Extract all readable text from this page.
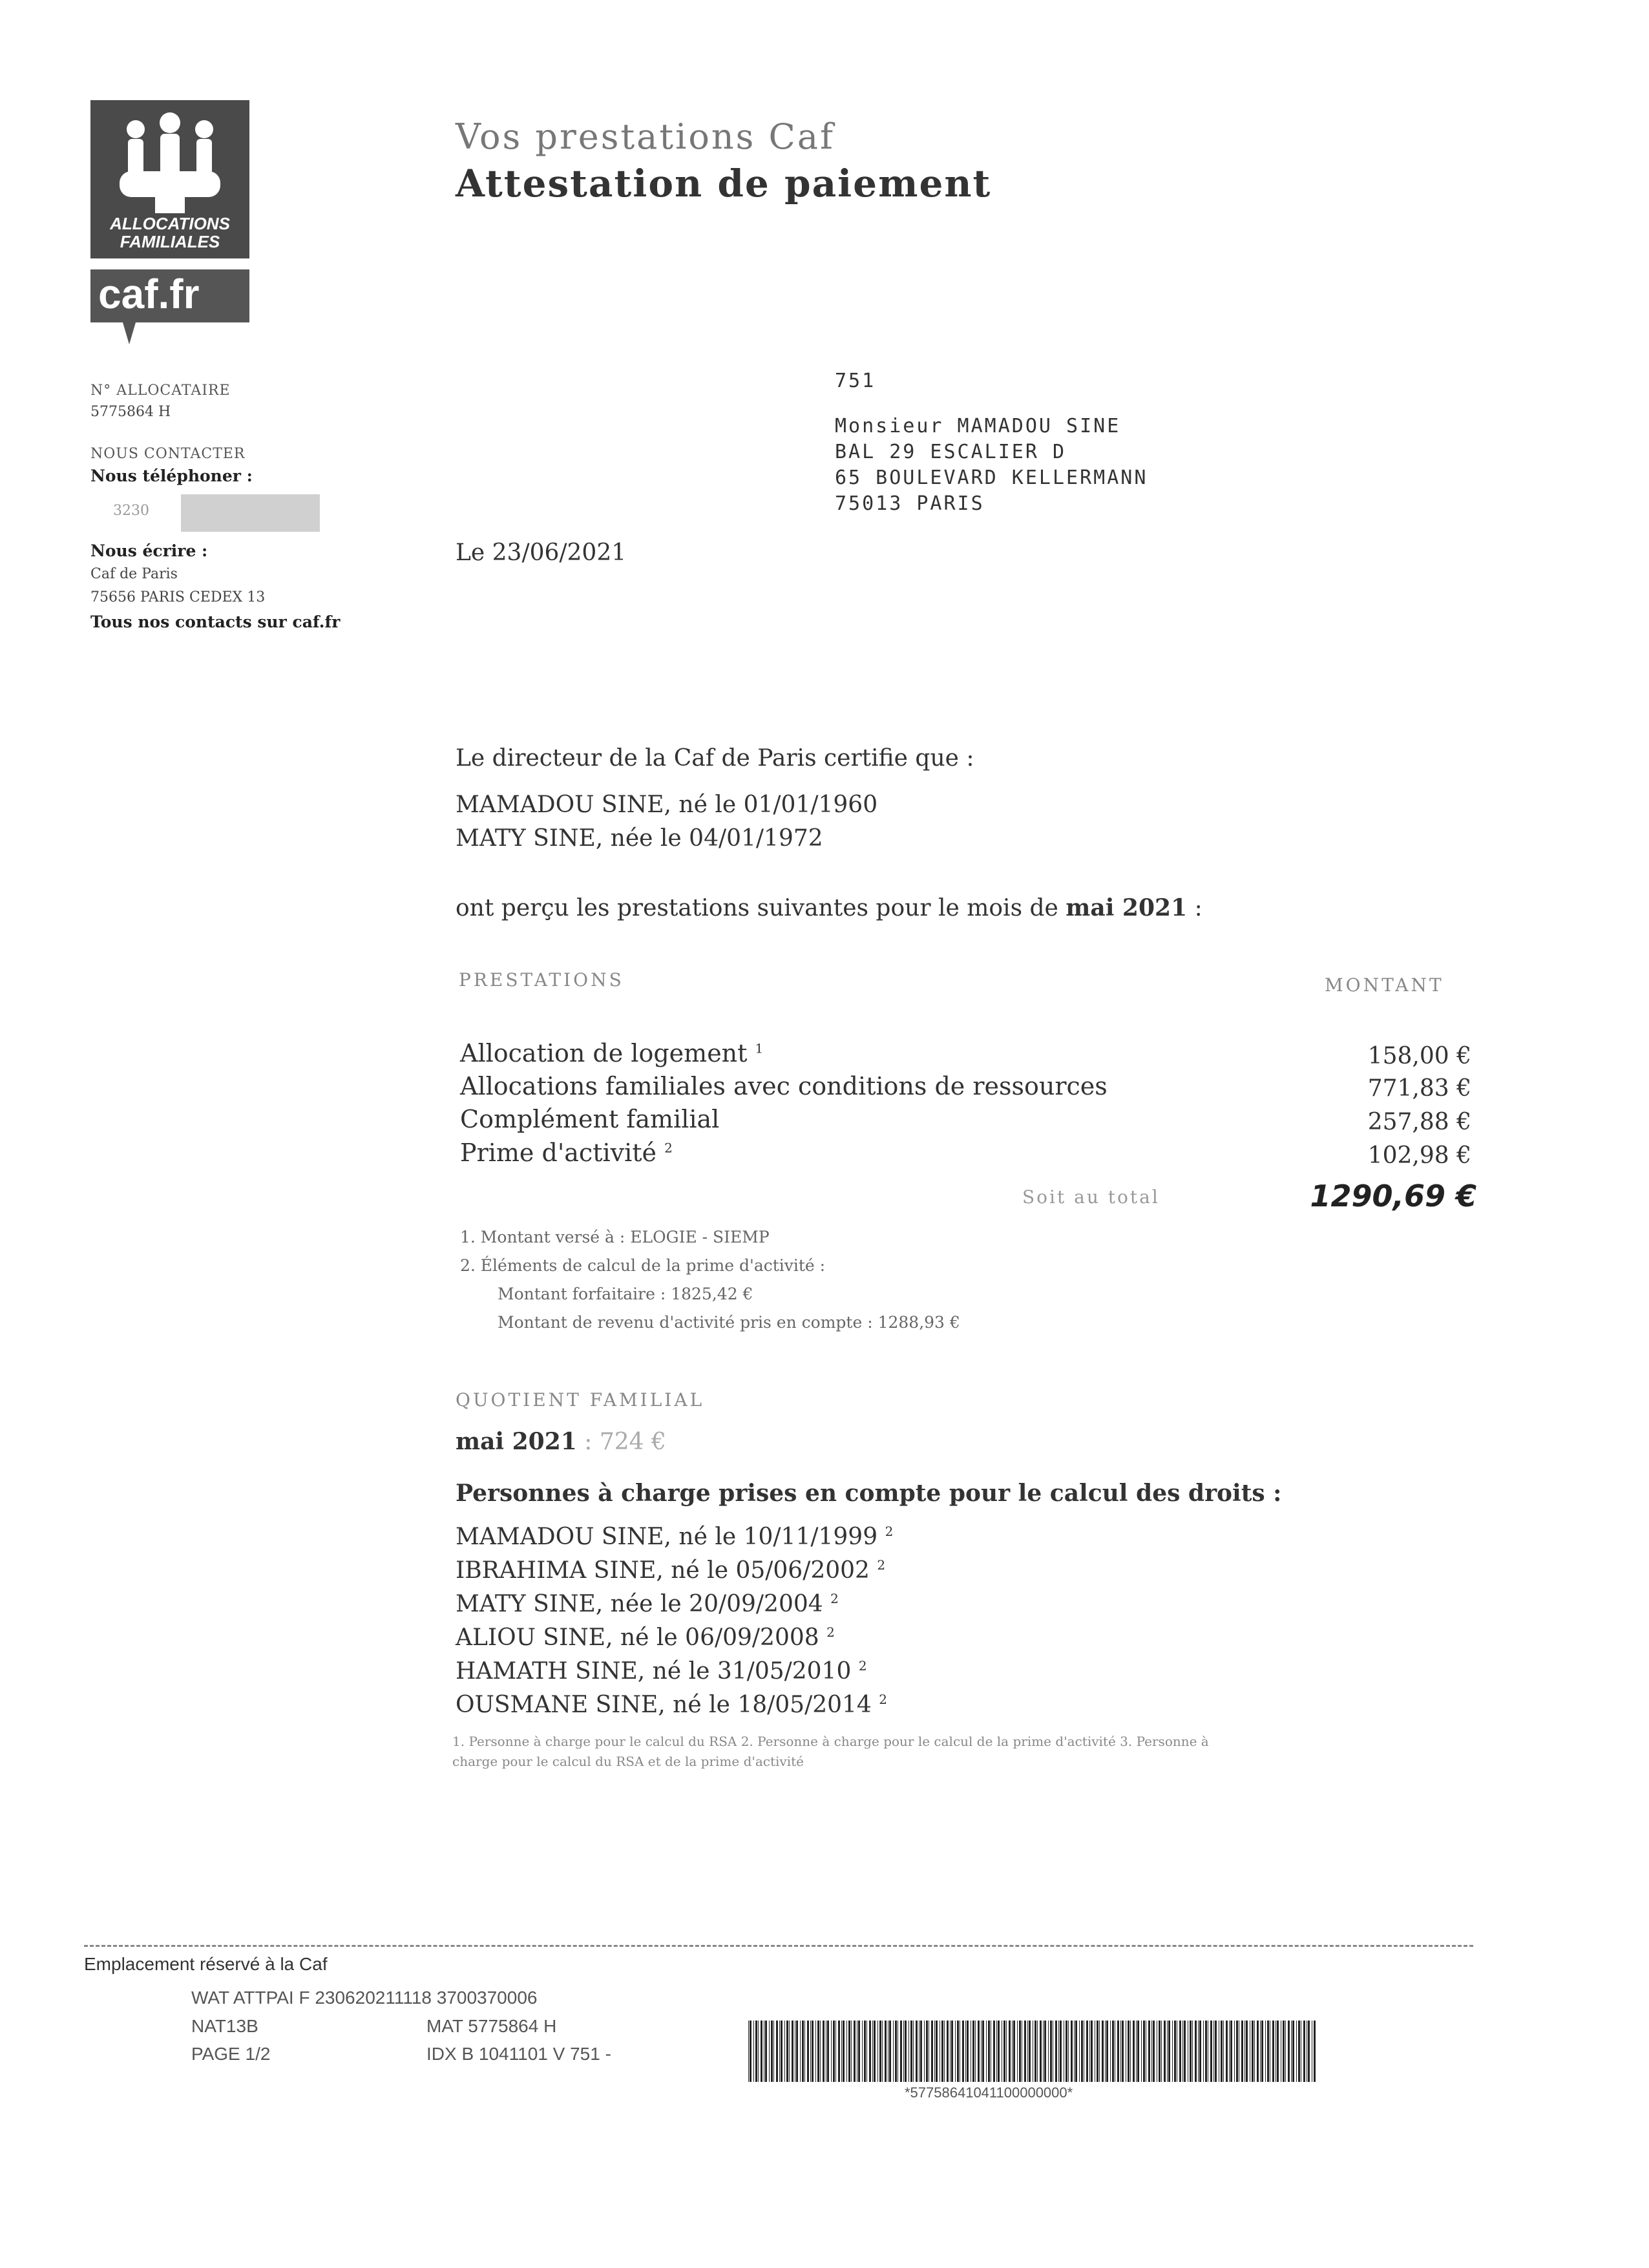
ALLOCATIONS
FAMILIALES
caf.fr
N° ALLOCATAIRE
5775864 H
NOUS CONTACTER
Nous téléphoner :
3230
Nous écrire :
Caf de Paris
75656 PARIS CEDEX 13
Tous nos contacts sur caf.fr
Vos prestations Caf
Attestation de paiement
751
Monsieur MAMADOU SINE
BAL 29 ESCALIER D
65 BOULEVARD KELLERMANN
75013 PARIS
Le 23/06/2021
Le directeur de la Caf de Paris certifie que :
MAMADOU SINE, né le 01/01/1960
MATY SINE, née le 04/01/1972
ont perçu les prestations suivantes pour le mois de mai 2021 :
PRESTATIONS	MONTANT
Allocation de logement $^1$	158,00 €
Allocations familiales avec conditions de ressources	771,83 €
Complément familial	257,88 €
Prime d'activité $^2$	102,98 €
Soit au total	1290,69 €
1. Montant versé à : ELOGIE - SIEMP
2. Éléments de calcul de la prime d'activité :
Montant forfaitaire : 1825,42 €
Montant de revenu d'activité pris en compte : 1288,93 €
QUOTIENT FAMILIAL
mai 2021 : 724 €
Personnes à charge prises en compte pour le calcul des droits :
MAMADOU SINE, né le 10/11/1999 $^2$
IBRAHIMA SINE, né le 05/06/2002 $^2$
MATY SINE, née le 20/09/2004 $^2$
ALIOU SINE, né le 06/09/2008 $^2$
HAMATH SINE, né le 31/05/2010 $^2$
OUSMANE SINE, né le 18/05/2014 $^2$
1. Personne à charge pour le calcul du RSA 2. Personne à charge pour le calcul de la prime d'activité 3. Personne à
charge pour le calcul du RSA et de la prime d'activité
Emplacement réservé à la Caf
WAT ATTPAI F 230620211118 3700370006
NAT13B	MAT 5775864 H
PAGE 1/2	IDX B 1041101 V 751 -
*57758641041100000000*
